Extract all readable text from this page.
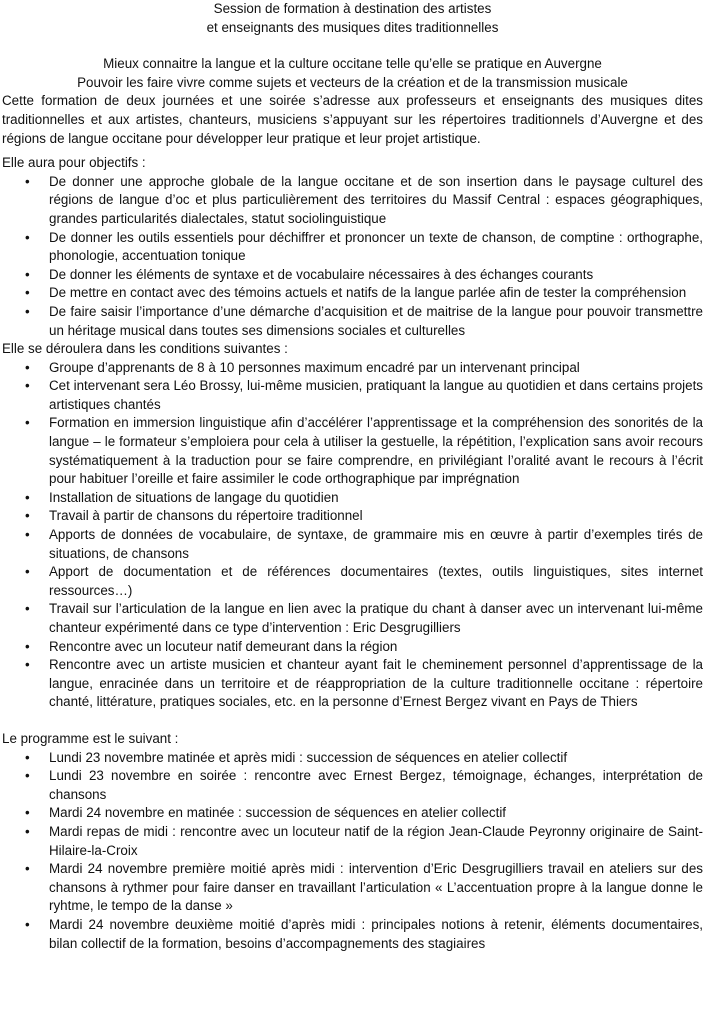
Session de formation à destination des artistes
et enseignants des musiques dites traditionnelles
Mieux connaitre la langue et la culture occitane telle qu’elle se pratique en Auvergne
Pouvoir les faire vivre comme sujets et vecteurs de la création et de la transmission musicale
Cette formation de deux journées et une soirée s’adresse aux professeurs et enseignants des musiques dites traditionnelles et aux artistes, chanteurs, musiciens s’appuyant sur les répertoires traditionnels d’Auvergne et des régions de langue occitane pour développer leur pratique et leur projet artistique.
Elle aura pour objectifs :
• De donner une approche globale de la langue occitane et de son insertion dans le paysage culturel des régions de langue d’oc et plus particulièrement des territoires du Massif Central : espaces géographiques, grandes particularités dialectales, statut sociolinguistique
• De donner les outils essentiels pour déchiffrer et prononcer un texte de chanson, de comptine : orthographe, phonologie, accentuation tonique
• De donner les éléments de syntaxe et de vocabulaire nécessaires à des échanges courants
• De mettre en contact avec des témoins actuels et natifs de la langue parlée afin de tester la compréhension
• De faire saisir l’importance d’une démarche d’acquisition et de maitrise de la langue pour pouvoir transmettre un héritage musical dans toutes ses dimensions sociales et culturelles
Elle se déroulera dans les conditions suivantes :
• Groupe d’apprenants de 8 à 10 personnes maximum encadré par un intervenant principal
• Cet intervenant sera Léo Brossy, lui-même musicien, pratiquant la langue au quotidien et dans certains projets artistiques chantés
• Formation en immersion linguistique afin d’accélérer l’apprentissage et la compréhension des sonorités de la langue – le formateur s’emploiera pour cela à utiliser la gestuelle, la répétition, l’explication sans avoir recours systématiquement à la traduction pour se faire comprendre, en privilégiant l’oralité avant le recours à l’écrit pour habituer l’oreille et faire assimiler le code orthographique par imprégnation
• Installation de situations de langage du quotidien
• Travail à partir de chansons du répertoire traditionnel
• Apports de données de vocabulaire, de syntaxe, de grammaire mis en œuvre à partir d’exemples tirés de situations, de chansons
• Apport de documentation et de références documentaires (textes, outils linguistiques, sites internet ressources…)
• Travail sur l’articulation de la langue en lien avec la pratique du chant à danser avec un intervenant lui-même chanteur expérimenté dans ce type d’intervention : Eric Desgrugilliers
• Rencontre avec un locuteur natif demeurant dans la région
• Rencontre avec un artiste musicien et chanteur ayant fait le cheminement personnel d’apprentissage de la langue, enracinée dans un territoire et de réappropriation de la culture traditionnelle occitane : répertoire chanté, littérature, pratiques sociales, etc. en la personne d’Ernest Bergez vivant en Pays de Thiers
Le programme est le suivant :
• Lundi 23 novembre matinée et après midi : succession de séquences en atelier collectif
• Lundi 23 novembre en soirée : rencontre avec Ernest Bergez, témoignage, échanges, interprétation de chansons
• Mardi 24 novembre en matinée : succession de séquences en atelier collectif
• Mardi repas de midi : rencontre avec un locuteur natif de la région Jean-Claude Peyronny originaire de Saint-Hilaire-la-Croix
• Mardi 24 novembre première moitié après midi : intervention d’Eric Desgrugilliers travail en ateliers sur des chansons à rythmer pour faire danser en travaillant l’articulation « L’accentuation propre à la langue donne le ryhtme, le tempo de la danse »
• Mardi 24 novembre deuxième moitié d’après midi : principales notions à retenir, éléments documentaires, bilan collectif de la formation, besoins d’accompagnements des stagiaires
